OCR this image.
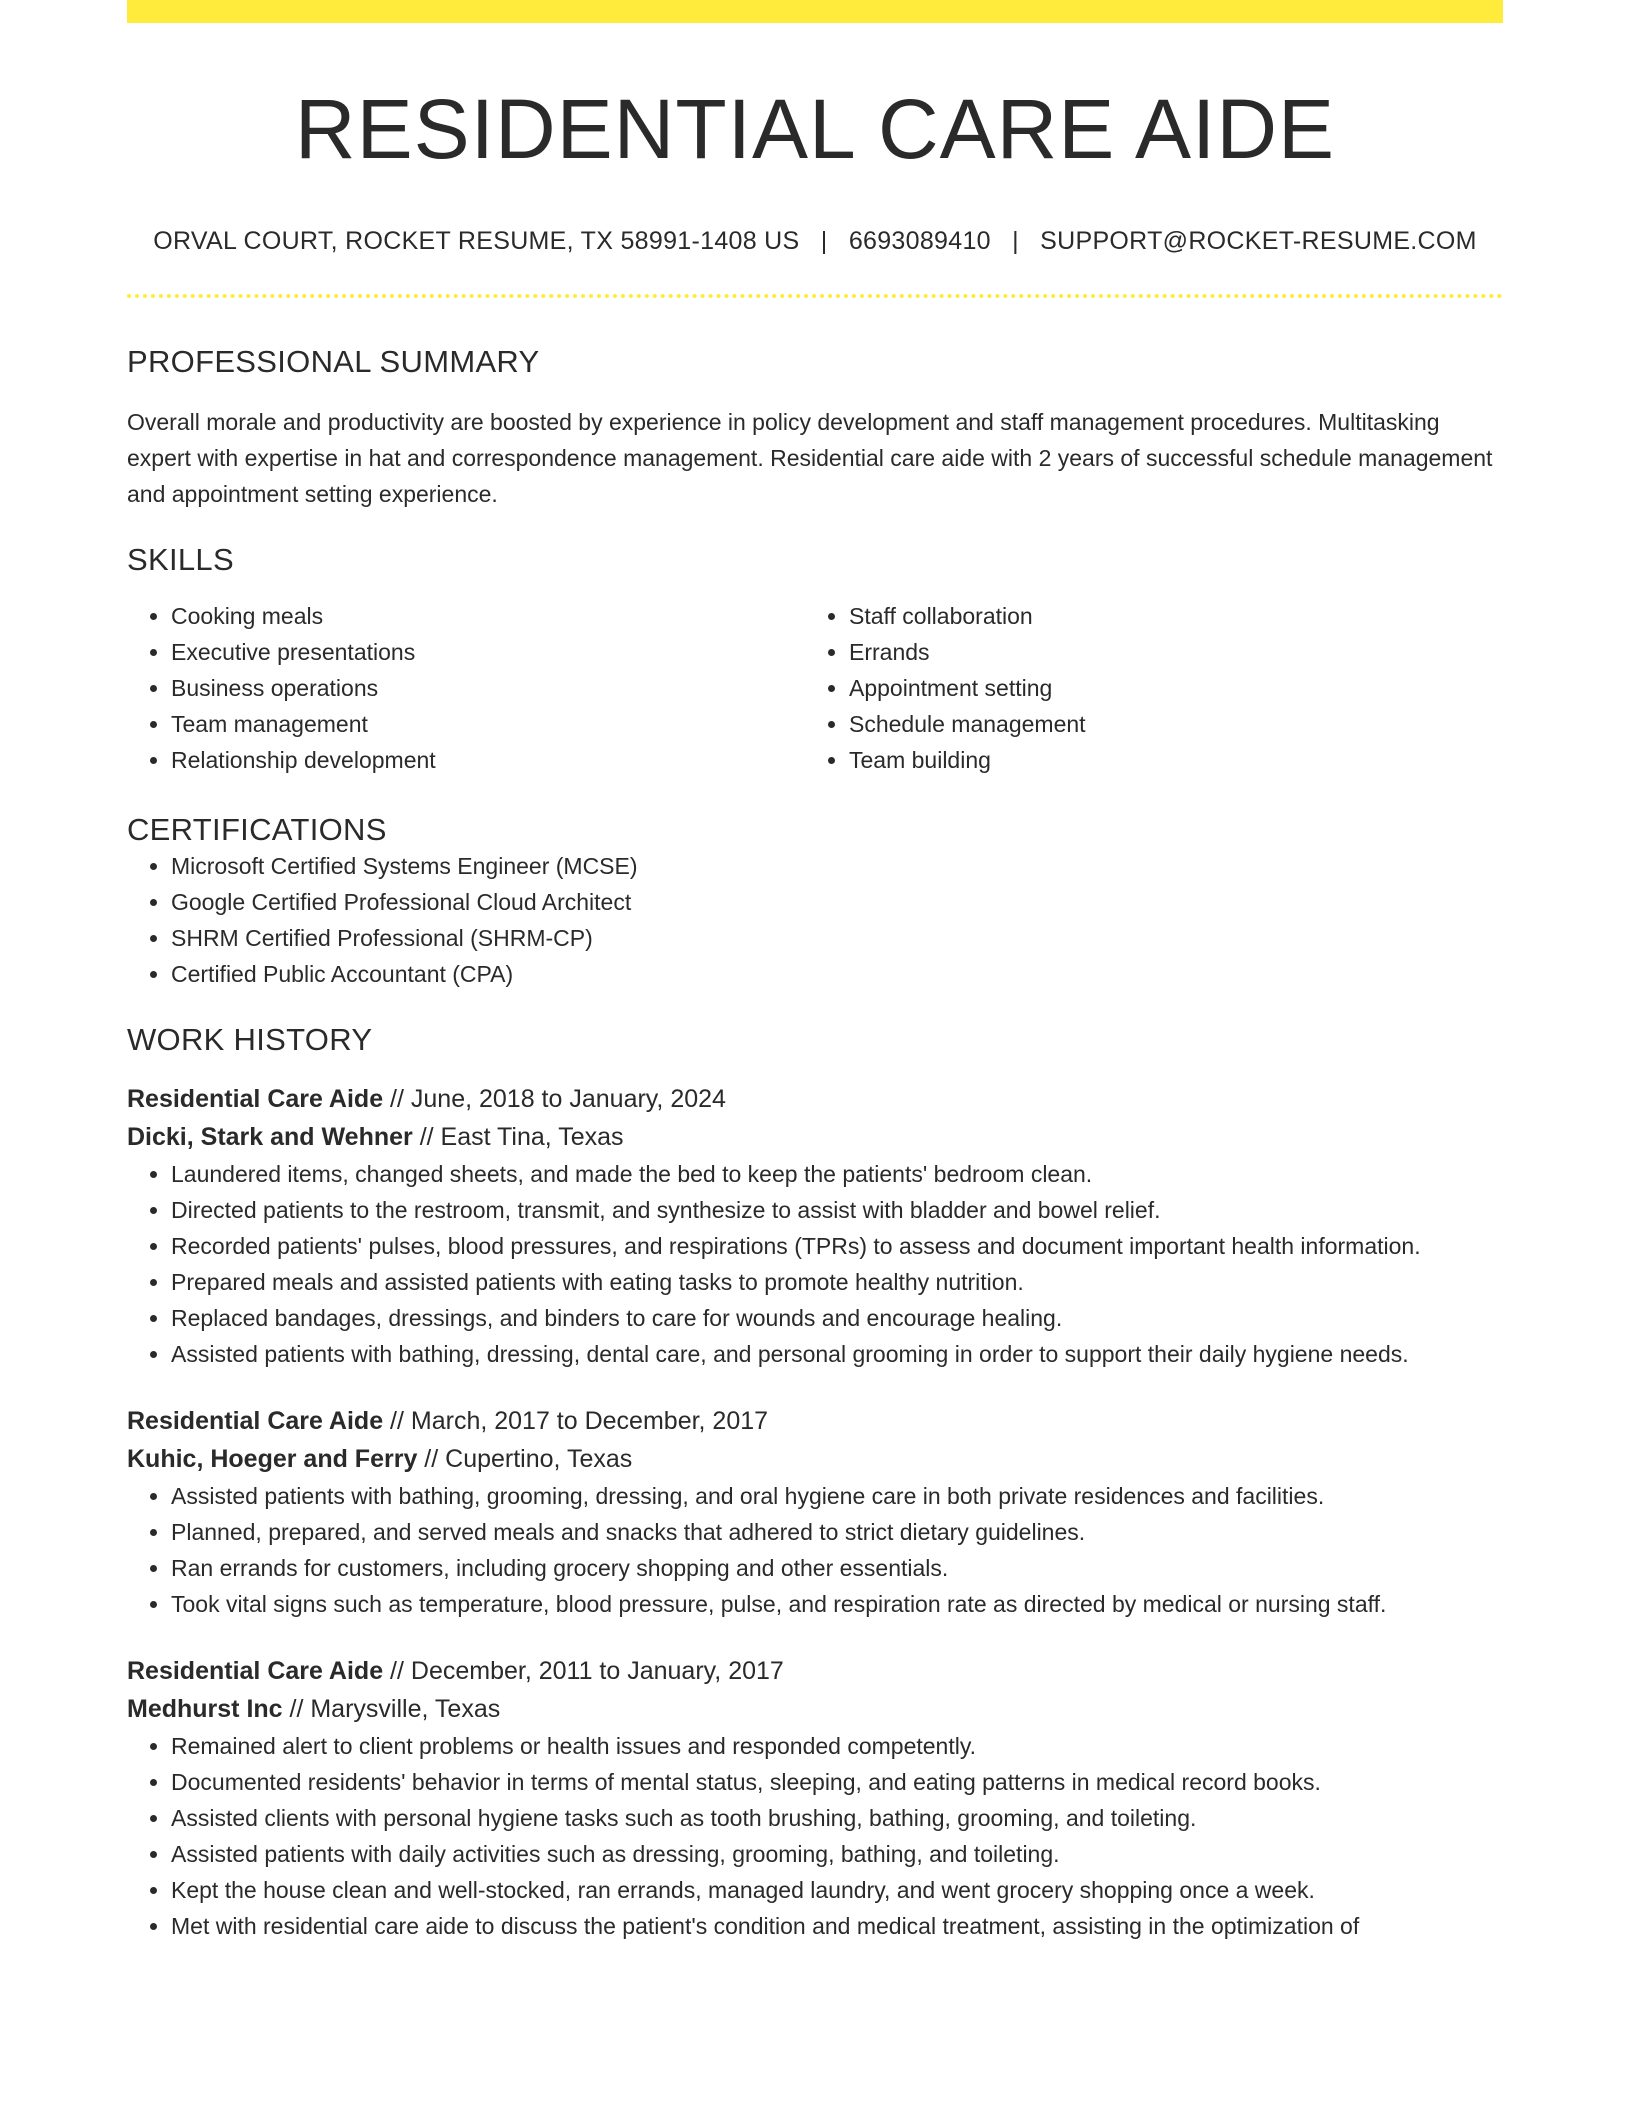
RESIDENTIAL CARE AIDE
ORVAL COURT, ROCKET RESUME, TX 58991-1408 US | 6693089410 | SUPPORT@ROCKET-RESUME.COM
PROFESSIONAL SUMMARY
Overall morale and productivity are boosted by experience in policy development and staff management procedures. Multitasking expert with expertise in hat and correspondence management. Residential care aide with 2 years of successful schedule management and appointment setting experience.
SKILLS
• Cooking meals
• Executive presentations
• Business operations
• Team management
• Relationship development
• Staff collaboration
• Errands
• Appointment setting
• Schedule management
• Team building
CERTIFICATIONS
• Microsoft Certified Systems Engineer (MCSE)
• Google Certified Professional Cloud Architect
• SHRM Certified Professional (SHRM-CP)
• Certified Public Accountant (CPA)
WORK HISTORY
Residential Care Aide // June, 2018 to January, 2024
Dicki, Stark and Wehner // East Tina, Texas
• Laundered items, changed sheets, and made the bed to keep the patients' bedroom clean.
• Directed patients to the restroom, transmit, and synthesize to assist with bladder and bowel relief.
• Recorded patients' pulses, blood pressures, and respirations (TPRs) to assess and document important health information.
• Prepared meals and assisted patients with eating tasks to promote healthy nutrition.
• Replaced bandages, dressings, and binders to care for wounds and encourage healing.
• Assisted patients with bathing, dressing, dental care, and personal grooming in order to support their daily hygiene needs.
Residential Care Aide // March, 2017 to December, 2017
Kuhic, Hoeger and Ferry // Cupertino, Texas
• Assisted patients with bathing, grooming, dressing, and oral hygiene care in both private residences and facilities.
• Planned, prepared, and served meals and snacks that adhered to strict dietary guidelines.
• Ran errands for customers, including grocery shopping and other essentials.
• Took vital signs such as temperature, blood pressure, pulse, and respiration rate as directed by medical or nursing staff.
Residential Care Aide // December, 2011 to January, 2017
Medhurst Inc // Marysville, Texas
• Remained alert to client problems or health issues and responded competently.
• Documented residents' behavior in terms of mental status, sleeping, and eating patterns in medical record books.
• Assisted clients with personal hygiene tasks such as tooth brushing, bathing, grooming, and toileting.
• Assisted patients with daily activities such as dressing, grooming, bathing, and toileting.
• Kept the house clean and well-stocked, ran errands, managed laundry, and went grocery shopping once a week.
• Met with residential care aide to discuss the patient's condition and medical treatment, assisting in the optimization of
